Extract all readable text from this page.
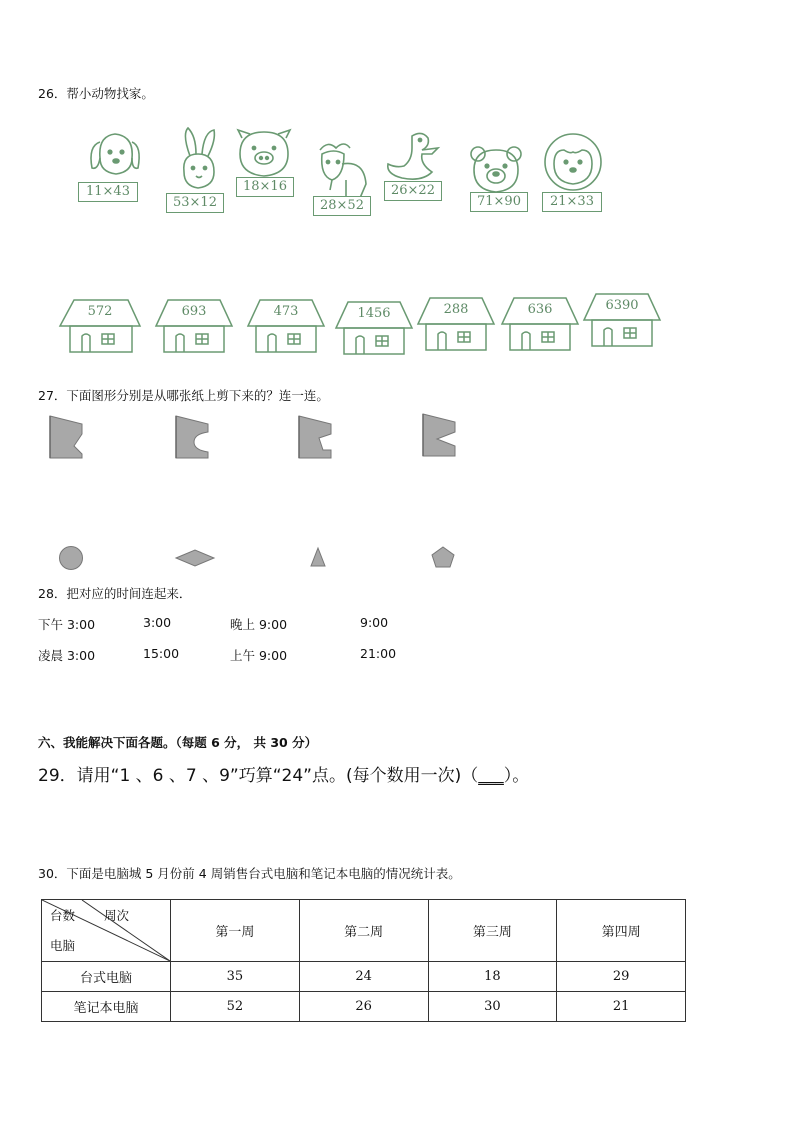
26．帮小动物找家。
11×43
53×12
18×16
28×52
26×22
71×90	21×33
572	693	473	1456	288	636	6390
27．下面图形分别是从哪张纸上剪下来的？连一连。
28．把对应的时间连起来．
下午 3:00	3:00	晚上 9:00	9:00
凌晨 3:00	15:00	上午 9:00	21:00
六、我能解决下面各题。（每题 6 分， 共 30 分）
29．请用“1 、6 、7 、9”巧算“24”点。(每个数用一次)（___）。
30．下面是电脑城 5 月份前 4 周销售台式电脑和笔记本电脑的情况统计表。
台数 周次
电脑	第一周	第二周	第三周	第四周
台式电脑	35	24	18	29
笔记本电脑	52	26	30	21
